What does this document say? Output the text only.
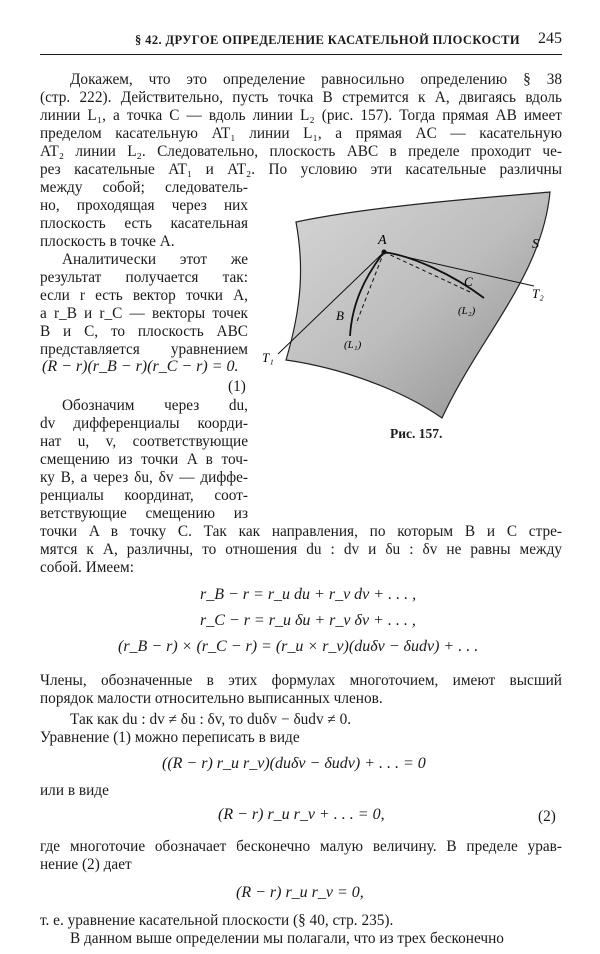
§ 42. ДРУГОЕ ОПРЕДЕЛЕНИЕ КАСАТЕЛЬНОЙ ПЛОСКОСТИ 245
Докажем, что это определение равносильно определению § 38
(стр. 222). Действительно, пусть точка B стремится к A, двигаясь вдоль
линии L₁, а точка C — вдоль линии L₂ (рис. 157). Тогда прямая AB имеет
пределом касательную AT₁ линии L₁, а прямая AC — касательную
AT₂ линии L₂. Следовательно, плоскость ABC в пределе проходит че-
рез касательные AT₁ и AT₂. По условию эти касательные различны
между собой; следователь-
но, проходящая через них
плоскость есть касательная
плоскость в точке A.
Аналитически этот же
результат получается так:
если r есть вектор точки A,
а r_B и r_C — векторы точек
B и C, то плоскость ABC
представляется уравнением
(R − r)(r_B − r)(r_C − r) = 0.
(1)
Обозначим через du,
dv дифференциалы коорди-
нат u, v, соответствующие
смещению из точки A в точ-
ку B, а через δu, δv — диффе-
ренциалы координат, соот-
ветствующие смещению из
точки A в точку C. Так как направления, по которым B и C стре-
мятся к A, различны, то отношения du : dv и δu : δv не равны между
собой. Имеем:
r_B − r = r_u du + r_v dv + . . . ,
r_C − r = r_u δu + r_v δv + . . . ,
(r_B − r) × (r_C − r) = (r_u × r_v)(duδv − δudv) + . . .
Члены, обозначенные в этих формулах многоточием, имеют высший
порядок малости относительно выписанных членов.
Так как du : dv ≠ δu : δv, то duδv − δudv ≠ 0.
Уравнение (1) можно переписать в виде
((R − r) r_u r_v)(duδv − δudv) + . . . = 0
или в виде
(R − r) r_u r_v + . . . = 0,	(2)
где многоточие обозначает бесконечно малую величину. В пределе урав-
нение (2) дает
(R − r) r_u r_v = 0,
т. е. уравнение касательной плоскости (§ 40, стр. 235).
S
A
B
C
T₁
T₂
(L₁)
(L₂)
Рис. 157.
В данном выше определении мы полагали, что из трех бесконечно
